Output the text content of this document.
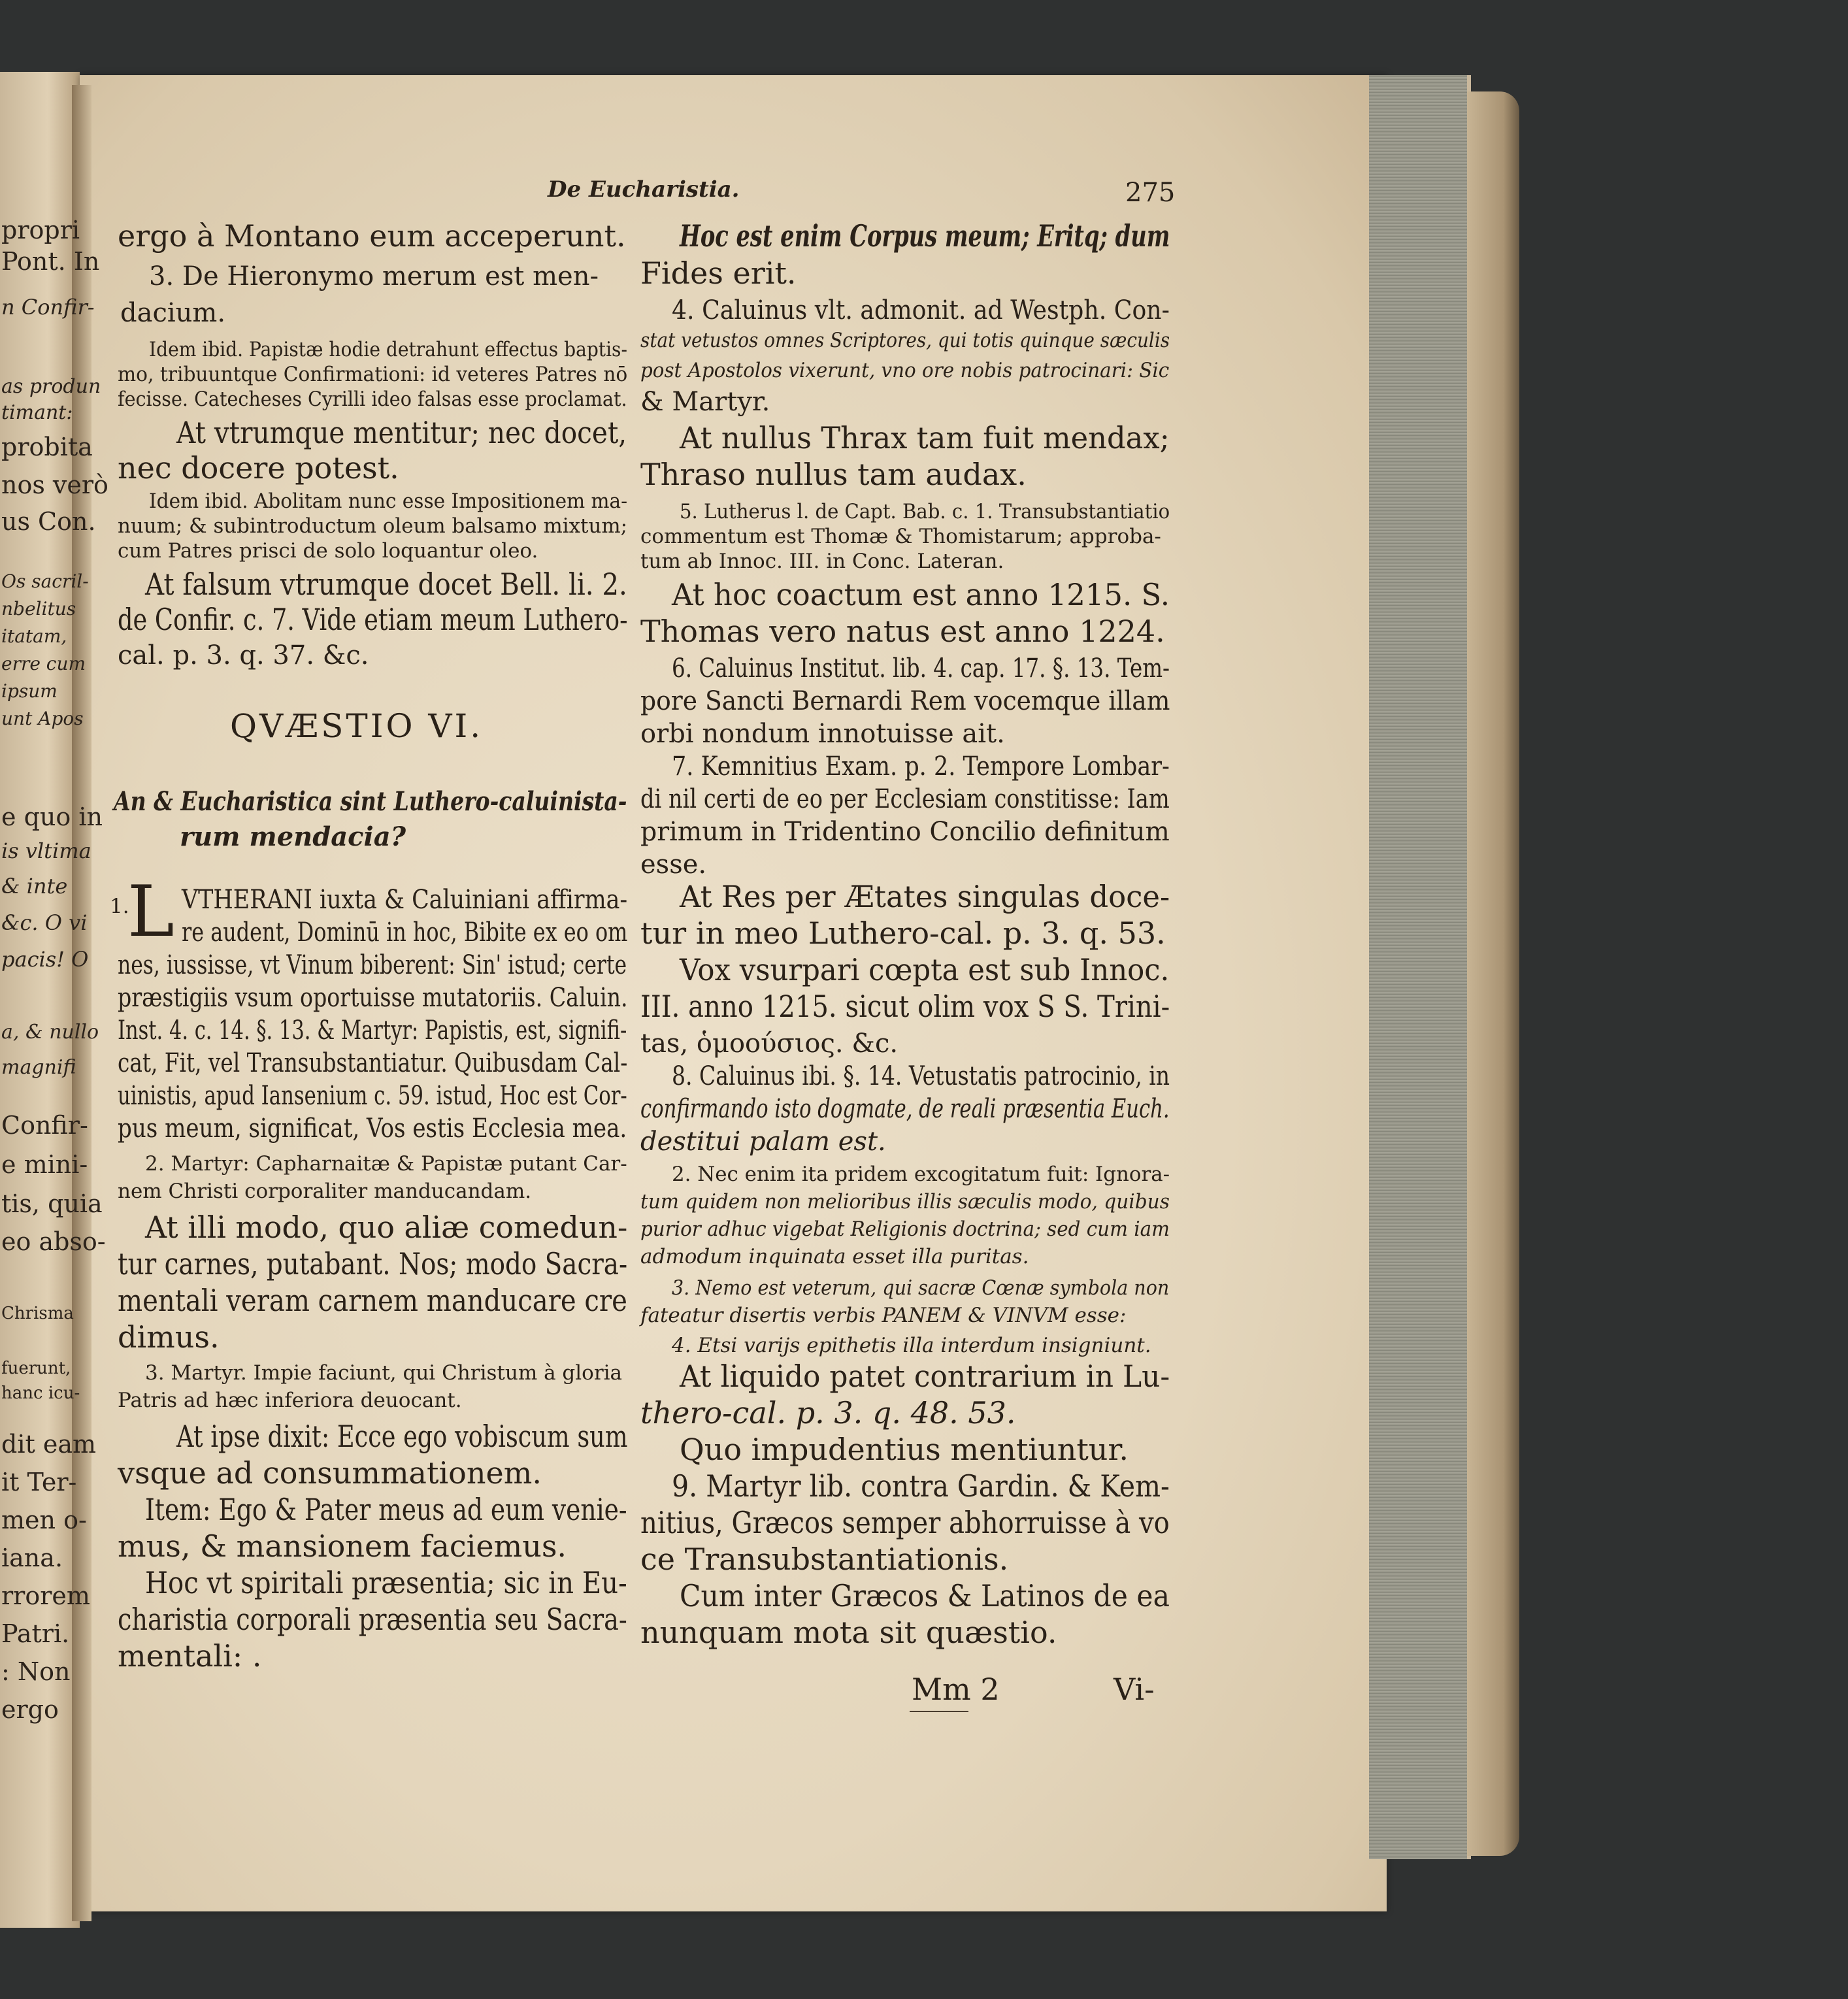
propri
Pont. In
n Confir-
as produn
timant:
probita
nos verò
us Con.
Os sacril-
nbelitus
itatam,
erre cum
ipsum
unt Apos
e quo in
is vltima
& inte
&c. O vi
pacis! O
a, & nullo
magnifi
Confir-
e mini-
tis, quia
eo abso-
Chrisma
fuerunt,
hanc icu-
dit eam
it Ter-
men o-
iana.
rrorem
Patri.
: Non
ergo
De Eucharistia.	275
ergo à Montano eum acceperunt.
3. De Hieronymo merum est men-
dacium.
Idem ibid. Papistæ hodie detrahunt effectus baptis-
mo, tribuuntque Confirmationi: id veteres Patres nō
fecisse. Catecheses Cyrilli ideo falsas esse proclamat.
At vtrumque mentitur; nec docet,
nec docere potest.
Idem ibid. Abolitam nunc esse Impositionem ma-
nuum; & subintroductum oleum balsamo mixtum;
cum Patres prisci de solo loquantur oleo.
At falsum vtrumque docet Bell. li. 2.
de Confir. c. 7. Vide etiam meum Luthero-
cal. p. 3. q. 37. &c.
QVÆSTIO VI.
An & Eucharistica sint Luthero-caluinista-
rum mendacia?
1.
L VTHERANI iuxta & Caluiniani affirma-
re audent, Dominū in hoc, Bibite ex eo om
nes, iussisse, vt Vinum biberent: Sin' istud; certe
præstigiis vsum oportuisse mutatoriis. Caluin.
Inst. 4. c. 14. §. 13. & Martyr: Papistis, est, signifi-
cat, Fit, vel Transubstantiatur. Quibusdam Cal-
uinistis, apud Iansenium c. 59. istud, Hoc est Cor-
pus meum, significat, Vos estis Ecclesia mea.
2. Martyr: Capharnaitæ & Papistæ putant Car-
nem Christi corporaliter manducandam.
At illi modo, quo aliæ comedun-
tur carnes, putabant. Nos; modo Sacra-
mentali veram carnem manducare cre
dimus.
3. Martyr. Impie faciunt, qui Christum à gloria
Patris ad hæc inferiora deuocant.
At ipse dixit: Ecce ego vobiscum sum
vsque ad consummationem.
Item: Ego & Pater meus ad eum venie-
mus, & mansionem faciemus.
Hoc vt spiritali præsentia; sic in Eu-
charistia corporali præsentia seu Sacra-
mentali: .
Hoc est enim Corpus meum; Eritq; dum
Fides erit.
4. Caluinus vlt. admonit. ad Westph. Con-
stat vetustos omnes Scriptores, qui totis quinque sæculis
post Apostolos vixerunt, vno ore nobis patrocinari: Sic
& Martyr.
At nullus Thrax tam fuit mendax;
Thraso nullus tam audax.
5. Lutherus l. de Capt. Bab. c. 1. Transubstantiatio
commentum est Thomæ & Thomistarum; approba-
tum ab Innoc. III. in Conc. Lateran.
At hoc coactum est anno 1215. S.
Thomas vero natus est anno 1224.
6. Caluinus Institut. lib. 4. cap. 17. §. 13. Tem-
pore Sancti Bernardi Rem vocemque illam
orbi nondum innotuisse ait.
7. Kemnitius Exam. p. 2. Tempore Lombar-
di nil certi de eo per Ecclesiam constitisse: Iam
primum in Tridentino Concilio definitum
esse.
At Res per Ætates singulas doce-
tur in meo Luthero-cal. p. 3. q. 53.
Vox vsurpari cœpta est sub Innoc.
III. anno 1215. sicut olim vox S S. Trini-
tas, ὁμοούσιος. &c.
8. Caluinus ibi. §. 14. Vetustatis patrocinio, in
confirmando isto dogmate, de reali præsentia Euch.
destitui palam est.
2. Nec enim ita pridem excogitatum fuit: Ignora-
tum quidem non melioribus illis sæculis modo, quibus
purior adhuc vigebat Religionis doctrina; sed cum iam
admodum inquinata esset illa puritas.
3. Nemo est veterum, qui sacræ Cœnæ symbola non
fateatur disertis verbis PANEM & VINVM esse:
4. Etsi varijs epithetis illa interdum insigniunt.
At liquido patet contrarium in Lu-
thero-cal. p. 3. q. 48. 53.
Quo impudentius mentiuntur.
9. Martyr lib. contra Gardin. & Kem-
nitius, Græcos semper abhorruisse à vo
ce Transubstantiationis.
Cum inter Græcos & Latinos de ea
nunquam mota sit quæstio.
Mm 2	Vi-
